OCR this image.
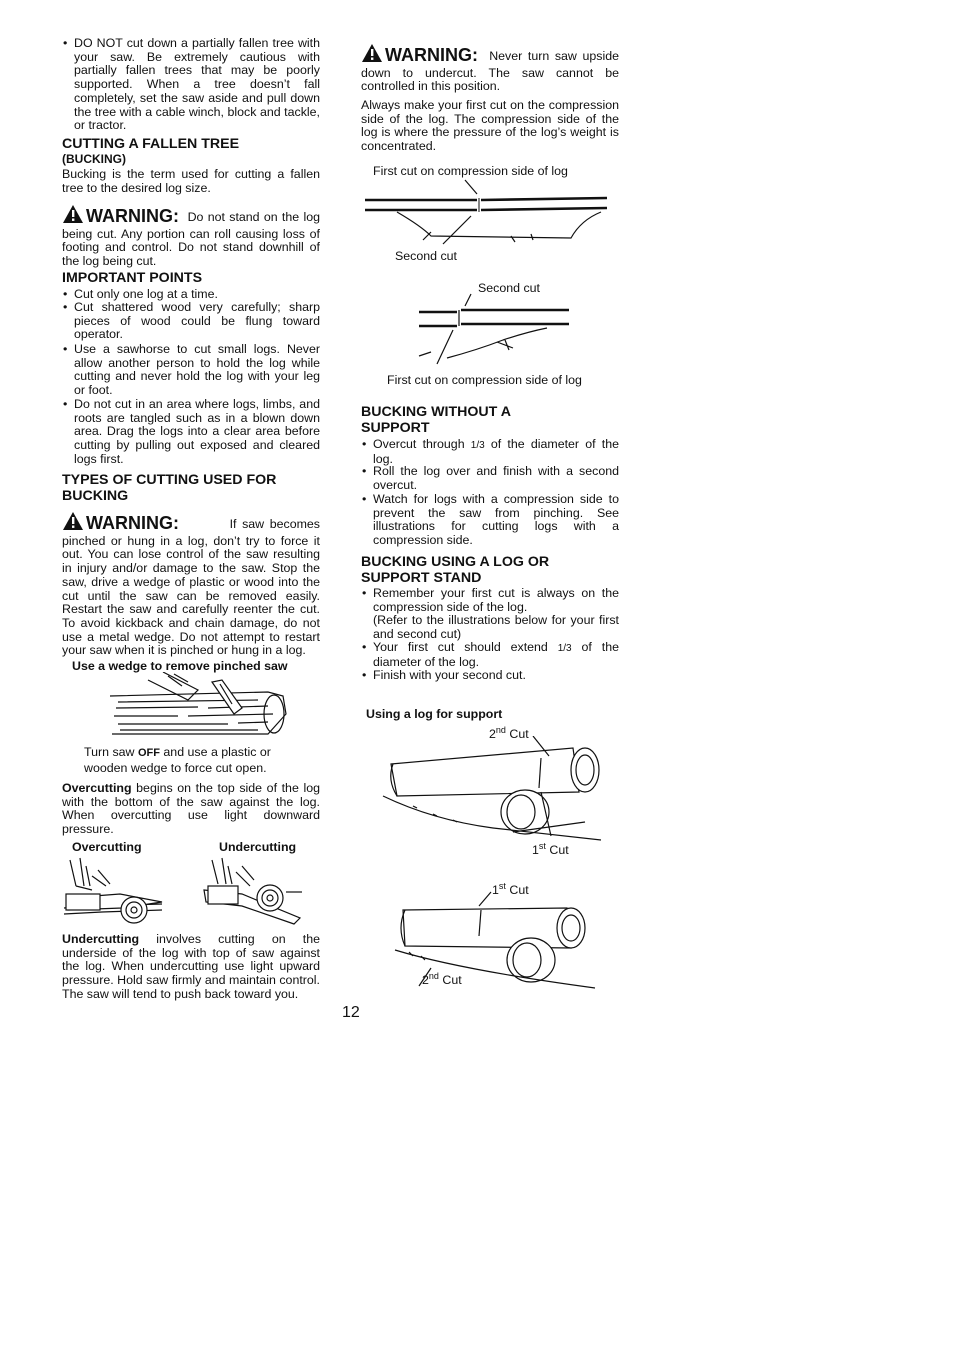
• DO NOT cut down a partially fallen tree with your saw. Be extremely cautious with partially fallen trees that may be poorly supported. When a tree doesn’t fall completely, set the saw aside and pull down the tree with a cable winch, block and tackle, or tractor.
CUTTING A FALLEN TREE
(BUCKING)
Bucking is the term used for cutting a fallen tree to the desired log size.
WARNING: Do not stand on the log being cut. Any portion can roll causing loss of footing and control. Do not stand downhill of the log being cut.
IMPORTANT POINTS
• Cut only one log at a time.
• Cut shattered wood very carefully; sharp pieces of wood could be flung toward operator.
• Use a sawhorse to cut small logs. Never allow another person to hold the log while cutting and never hold the log with your leg or foot.
• Do not cut in an area where logs, limbs, and roots are tangled such as in a blown down area. Drag the logs into a clear area before cutting by pulling out exposed and cleared logs first.
TYPES OF CUTTING USED FOR BUCKING
WARNING:	If saw becomes pinched or hung in a log, don’t try to force it out. You can lose control of the saw resulting in injury and/or damage to the saw. Stop the saw, drive a wedge of plastic or wood into the cut until the saw can be removed easily. Restart the saw and carefully reenter the cut. To avoid kickback and chain damage, do not use a metal wedge. Do not attempt to restart your saw when it is pinched or hung in a log.
Use a wedge to remove pinched saw
Turn saw OFF and use a plastic or
wooden wedge to force cut open.
Overcutting begins on the top side of the log with the bottom of the saw against the log. When overcutting use light downward pressure.
Overcutting	Undercutting
Undercutting involves cutting on the underside of the log with top of saw against the log. When undercutting use light upward pressure. Hold saw firmly and maintain control. The saw will tend to push back toward you.
WARNING: Never turn saw upside down to undercut. The saw cannot be controlled in this position.
Always make your first cut on the compression side of the log. The compression side of the log is where the pressure of the log’s weight is concentrated.
First cut on compression side of log
Second cut
Second cut
First cut on compression side of log
BUCKING WITHOUT A SUPPORT
• Overcut through 1/3 of the diameter of the log.
• Roll the log over and finish with a second overcut.
• Watch for logs with a compression side to prevent the saw from pinching. See illustrations for cutting logs with a compression side.
BUCKING USING A LOG OR SUPPORT STAND
• Remember your first cut is always on the compression side of the log.
(Refer to the illustrations below for your first and second cut)
• Your first cut should extend 1/3 of the diameter of the log.
• Finish with your second cut.
Using a log for support
2nd Cut
1st Cut
1st Cut
2nd Cut
12
